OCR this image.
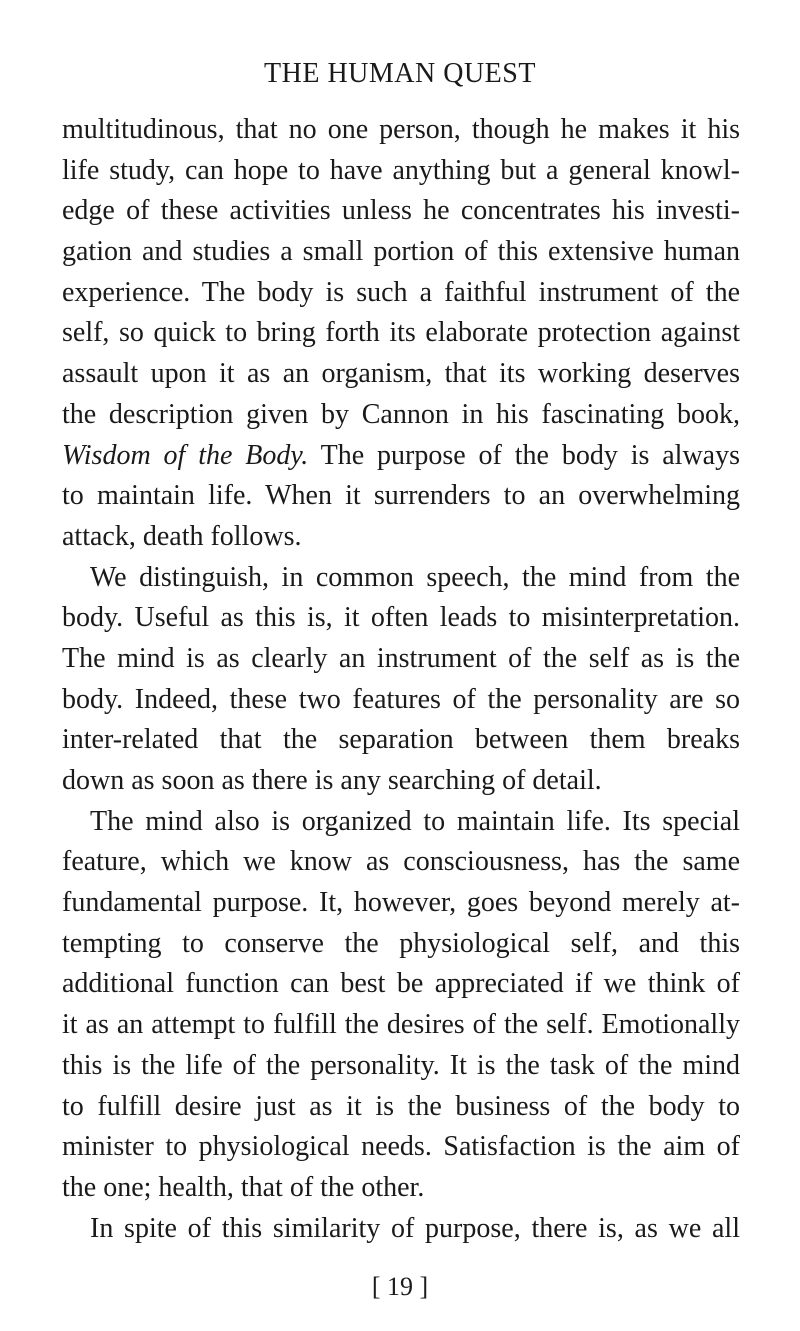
THE HUMAN QUEST
multitudinous, that no one person, though he makes it his
life study, can hope to have anything but a general knowl-
edge of these activities unless he concentrates his investi-
gation and studies a small portion of this extensive human
experience. The body is such a faithful instrument of the
self, so quick to bring forth its elaborate protection against
assault upon it as an organism, that its working deserves
the description given by Cannon in his fascinating book,
Wisdom of the Body. The purpose of the body is always
to maintain life. When it surrenders to an overwhelming
attack, death follows.
We distinguish, in common speech, the mind from the
body. Useful as this is, it often leads to misinterpretation.
The mind is as clearly an instrument of the self as is the
body. Indeed, these two features of the personality are so
inter-related that the separation between them breaks
down as soon as there is any searching of detail.
The mind also is organized to maintain life. Its special
feature, which we know as consciousness, has the same
fundamental purpose. It, however, goes beyond merely at-
tempting to conserve the physiological self, and this
additional function can best be appreciated if we think of
it as an attempt to fulfill the desires of the self. Emotionally
this is the life of the personality. It is the task of the mind
to fulfill desire just as it is the business of the body to
minister to physiological needs. Satisfaction is the aim of
the one; health, that of the other.
In spite of this similarity of purpose, there is, as we all
[ 19 ]
